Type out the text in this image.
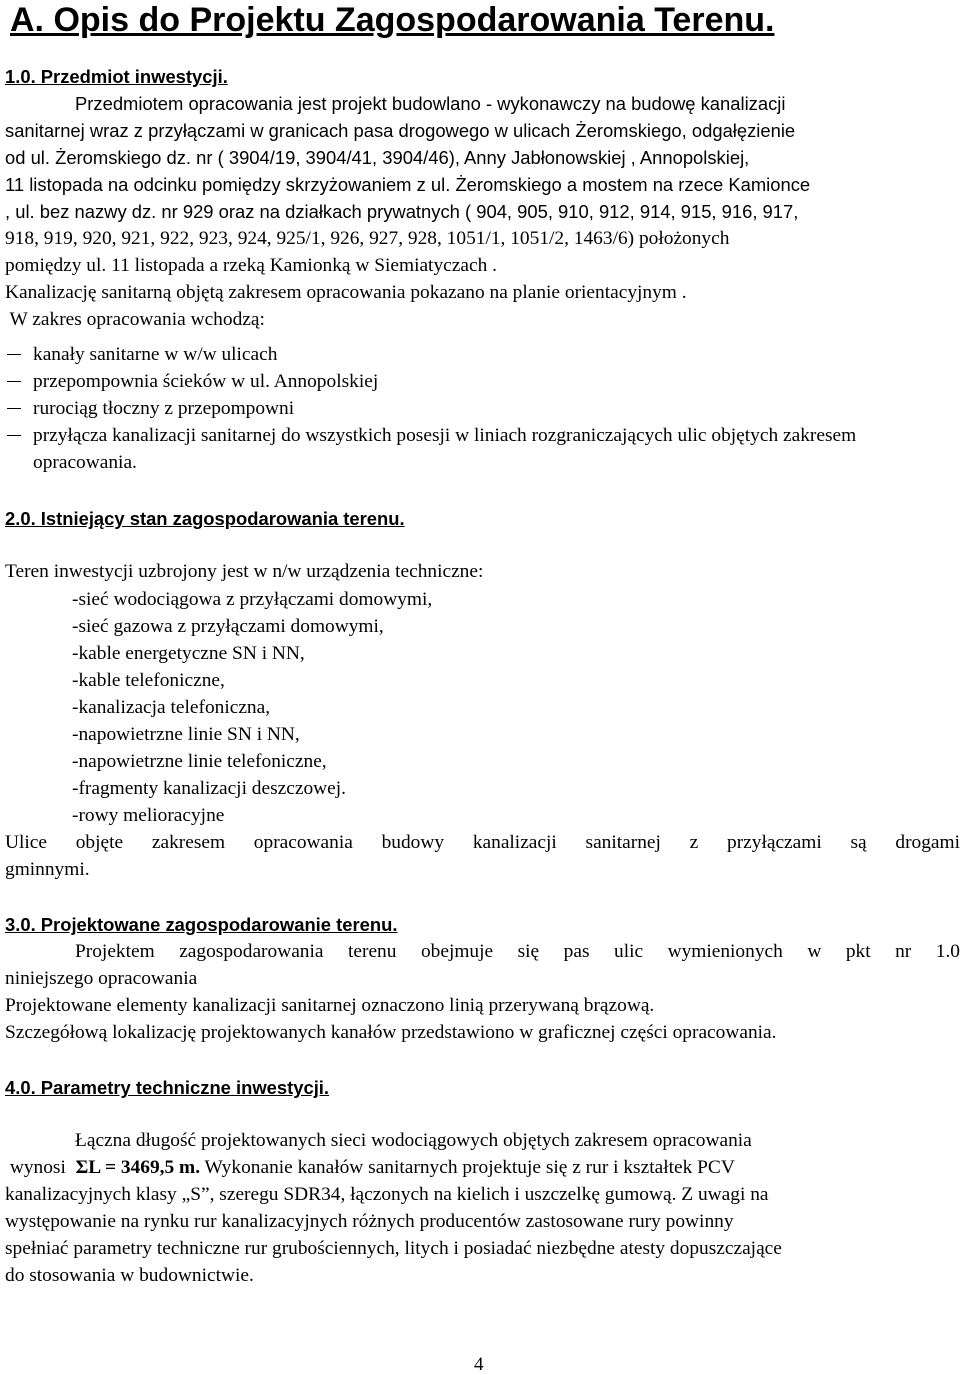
A. Opis do Projektu Zagospodarowania Terenu.
1.0. Przedmiot inwestycji.
Przedmiotem opracowania jest projekt budowlano - wykonawczy na budowę kanalizacji
sanitarnej wraz z przyłączami w granicach pasa drogowego w ulicach Żeromskiego, odgałęzienie
od ul. Żeromskiego dz. nr ( 3904/19, 3904/41, 3904/46), Anny Jabłonowskiej , Annopolskiej,
11 listopada na odcinku pomiędzy skrzyżowaniem z ul. Żeromskiego a mostem na rzece Kamionce
, ul. bez nazwy dz. nr 929 oraz na działkach prywatnych ( 904, 905, 910, 912, 914, 915, 916, 917,
918, 919, 920, 921, 922, 923, 924, 925/1, 926, 927, 928, 1051/1, 1051/2, 1463/6) położonych
pomiędzy ul. 11 listopada a rzeką Kamionką w Siemiatyczach .
Kanalizację sanitarną objętą zakresem opracowania pokazano na planie orientacyjnym .
W zakres opracowania wchodzą:
kanały sanitarne w w/w ulicach
przepompownia ścieków w ul. Annopolskiej
rurociąg tłoczny z przepompowni
przyłącza kanalizacji sanitarnej do wszystkich posesji w liniach rozgraniczających ulic objętych zakresem opracowania.
2.0. Istniejący stan zagospodarowania terenu.
Teren inwestycji uzbrojony jest w n/w urządzenia techniczne:
-sieć wodociągowa z przyłączami domowymi,
-sieć gazowa z przyłączami domowymi,
-kable energetyczne SN i NN,
-kable telefoniczne,
-kanalizacja telefoniczna,
-napowietrzne linie SN i NN,
-napowietrzne linie telefoniczne,
-fragmenty kanalizacji deszczowej.
-rowy melioracyjne
Ulice objęte zakresem opracowania budowy kanalizacji sanitarnej z przyłączami są drogami
gminnymi.
3.0. Projektowane zagospodarowanie terenu.
Projektem zagospodarowania terenu obejmuje się pas ulic wymienionych w pkt nr 1.0
niniejszego opracowania
Projektowane elementy kanalizacji sanitarnej oznaczono linią przerywaną brązową.
Szczegółową lokalizację projektowanych kanałów przedstawiono w graficznej części opracowania.
4.0. Parametry techniczne inwestycji.
Łączna długość projektowanych sieci wodociągowych objętych zakresem opracowania
wynosi  ΣL = 3469,5 m. Wykonanie kanałów sanitarnych projektuje się z rur i kształtek PCV
kanalizacyjnych klasy „S”, szeregu SDR34, łączonych na kielich i uszczelkę gumową. Z uwagi na
występowanie na rynku rur kanalizacyjnych różnych producentów zastosowane rury powinny
spełniać parametry techniczne rur grubościennych, litych i posiadać niezbędne atesty dopuszczające
do stosowania w budownictwie.
4
